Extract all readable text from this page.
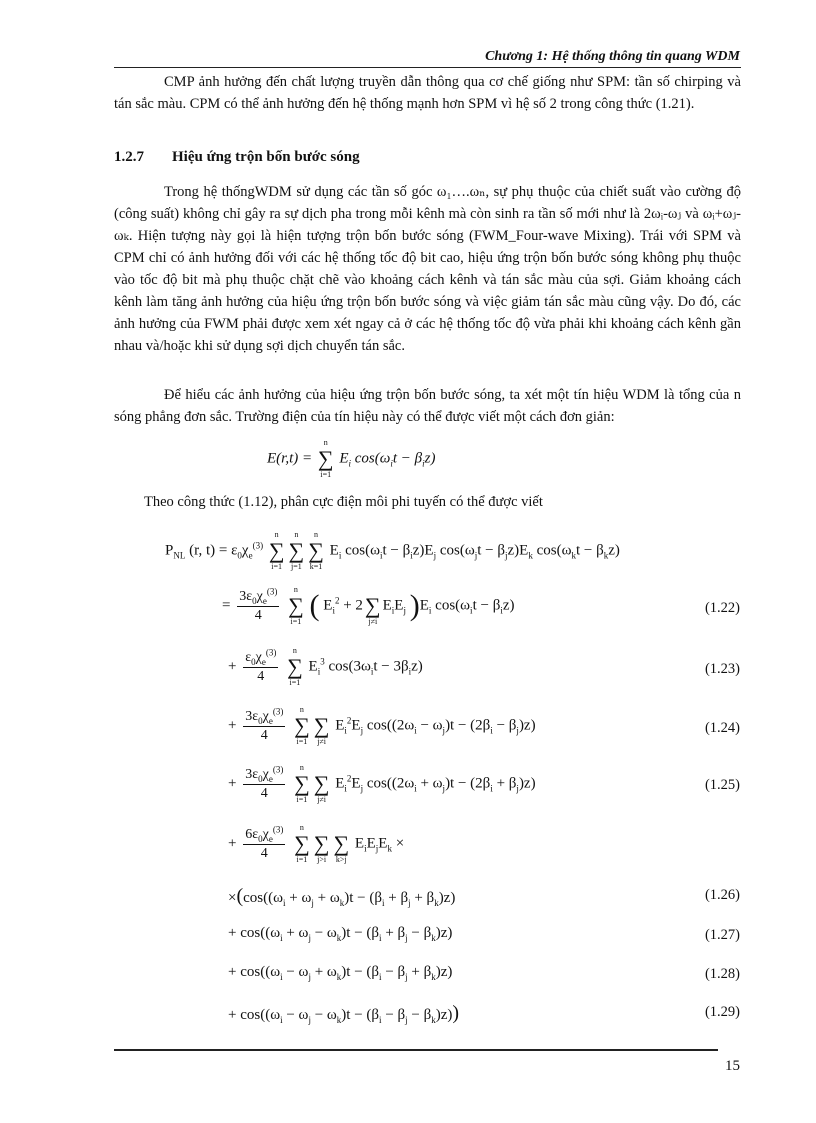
Chương 1: Hệ thống thông tin quang WDM

CMP ảnh hưởng đến chất lượng truyền dẫn thông qua cơ chế giống như SPM: tần số chirping và tán sắc màu. CPM có thể ảnh hưởng đến hệ thống mạnh hơn SPM vì hệ số 2 trong công thức (1.21).

1.2.7 Hiệu ứng trộn bốn bước sóng

Trong hệ thốngWDM sử dụng các tần số góc ω₁….ωₙ, sự phụ thuộc của chiết suất vào cường độ (công suất) không chỉ gây ra sự dịch pha trong mỗi kênh mà còn sinh ra tần số mới như là 2ωᵢ-ωⱼ và ωᵢ+ωⱼ-ωₖ. Hiện tượng này gọi là hiện tượng trộn bốn bước sóng (FWM_Four-wave Mixing). Trái với SPM và CPM chỉ có ảnh hưởng đối với các hệ thống tốc độ bit cao, hiệu ứng trộn bốn bước sóng không phụ thuộc vào tốc độ bit mà phụ thuộc chặt chẽ vào khoảng cách kênh và tán sắc màu của sợi. Giảm khoảng cách kênh làm tăng ảnh hưởng của hiệu ứng trộn bốn bước sóng và việc giảm tán sắc màu cũng vậy. Do đó, các ảnh hưởng của FWM phải được xem xét ngay cả ở các hệ thống tốc độ vừa phải khi khoảng cách kênh gần nhau và/hoặc khi sử dụng sợi dịch chuyển tán sắc.

Để hiểu các ảnh hưởng của hiệu ứng trộn bốn bước sóng, ta xét một tín hiệu WDM là tổng của n sóng phẳng đơn sắc. Trường điện của tín hiệu này có thể được viết một cách đơn giản:

E(r,t) =
n
∑
i=1
$E_i$ $\cos(\omega_it - \beta_iz)$

Theo công thức (1.12), phân cực điện môi phi tuyến có thể được viết

$P_{NL}$ (r, $t) = \varepsilon_0\chi_e^{(3)}$
n
∑
i=1
n
∑
j=1
n
∑
k=1
$E_i$ $\cos(\omega_it - \beta_iz)E_j$ $\cos(\omega_jt - \beta_jz)E_k$ $\cos(\omega_kt - \beta_kz)$
= $\frac{3\varepsilon_0\chi_e^{(3)}}{4}$
	n
∑
i=1 ( $E_i^2 + 2$
∑
j≠i
$E_iE_j$ )$E_i$ $\cos(\omega_it - \beta_iz)$	(1.22)
+ $\frac{\varepsilon_0\chi_e^{(3)}}{4}$
	n
∑
i=1
$E_i^3$ $\cos(3\omega_it - 3\beta_iz)$	(1.23)
+ $\frac{3\varepsilon_0\chi_e^{(3)}}{4}$
	n
∑
i=1

∑
j≠i
$E_i^2E_j$ $\cos((2\omega_i - \omega_j)t - (2\beta_i - \beta_j)z)$	(1.24)
+ $\frac{3\varepsilon_0\chi_e^{(3)}}{4}$
	n
∑
i=1

∑
j≠i
$E_i^2E_j$ $\cos((2\omega_i + \omega_j)t - (2\beta_i + \beta_j)z)$	(1.25)
+ $\frac{6\varepsilon_0\chi_e^{(3)}}{4}$
	n
∑
i=1

∑
j>i

∑
k>j
$E_iE_jE_k$ ×
$\times(\cos((\omega_i + \omega_j + \omega_k)t - (\beta_i + \beta_j + \beta_k)z)$	(1.26)
+ $\cos((\omega_i + \omega_j - \omega_k)t - (\beta_i + \beta_j - \beta_k)z)$	(1.27)
+ $\cos((\omega_i - \omega_j + \omega_k)t - (\beta_i - \beta_j + \beta_k)z)$	(1.28)
+ $\cos((\omega_i - \omega_j - \omega_k)t - (\beta_i - \beta_j - \beta_k)z)$)	(1.29)
15
